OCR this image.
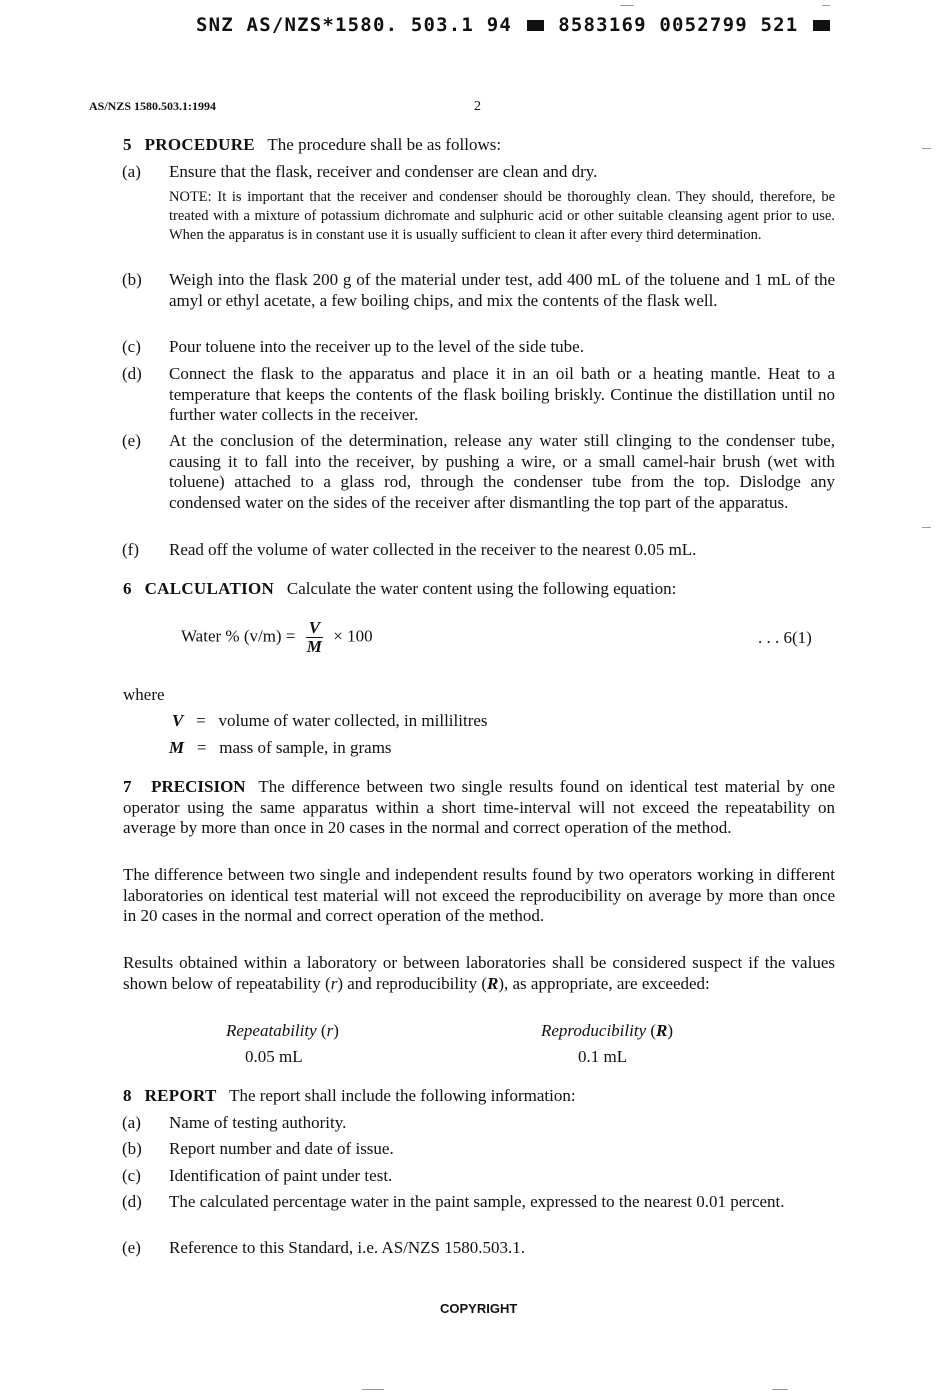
SNZ AS/NZS*1580. 503.1 94 8583169 0052799 521
AS/NZS 1580.503.1:1994	2
5 PROCEDURE The procedure shall be as follows:
(a) Ensure that the flask, receiver and condenser are clean and dry.
NOTE: It is important that the receiver and condenser should be thoroughly clean. They should, therefore, be treated with a mixture of potassium dichromate and sulphuric acid or other suitable cleansing agent prior to use. When the apparatus is in constant use it is usually sufficient to clean it after every third determination.
(b) Weigh into the flask 200 g of the material under test, add 400 mL of the toluene and 1 mL of the amyl or ethyl acetate, a few boiling chips, and mix the contents of the flask well.
(c) Pour toluene into the receiver up to the level of the side tube.
(d) Connect the flask to the apparatus and place it in an oil bath or a heating mantle. Heat to a temperature that keeps the contents of the flask boiling briskly. Continue the distillation until no further water collects in the receiver.
(e) At the conclusion of the determination, release any water still clinging to the condenser tube, causing it to fall into the receiver, by pushing a wire, or a small camel-hair brush (wet with toluene) attached to a glass rod, through the condenser tube from the top. Dislodge any condensed water on the sides of the receiver after dismantling the top part of the apparatus.
(f) Read off the volume of water collected in the receiver to the nearest 0.05 mL.
6 CALCULATION Calculate the water content using the following equation:
Water % $(v/m) = \frac{V}{M} \times 100$	. . . 6(1)
where
V = volume of water collected, in millilitres
M = mass of sample, in grams
7 PRECISION The difference between two single results found on identical test material by one operator using the same apparatus within a short time-interval will not exceed the repeatability on average by more than once in 20 cases in the normal and correct operation of the method.
The difference between two single and independent results found by two operators working in different laboratories on identical test material will not exceed the reproducibility on average by more than once in 20 cases in the normal and correct operation of the method.
Results obtained within a laboratory or between laboratories shall be considered suspect if the values shown below of repeatability (r) and reproducibility (R), as appropriate, are exceeded:
Repeatability (r)
0.05 mL
Reproducibility (R)
0.1 mL
8 REPORT The report shall include the following information:
(a) Name of testing authority.
(b) Report number and date of issue.
(c) Identification of paint under test.
(d) The calculated percentage water in the paint sample, expressed to the nearest 0.01 percent.
(e) Reference to this Standard, i.e. AS/NZS 1580.503.1.
COPYRIGHT
